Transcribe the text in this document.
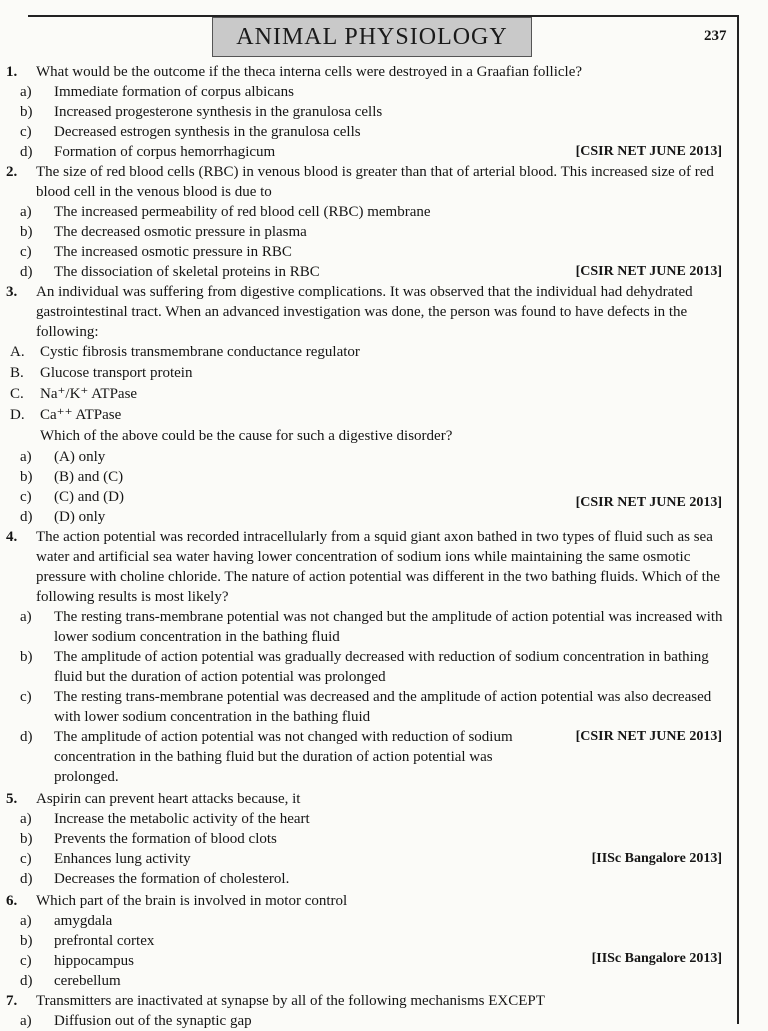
ANIMAL PHYSIOLOGY	237
1. What would be the outcome if the theca interna cells were destroyed in a Graafian follicle?
a) Immediate formation of corpus albicans
b) Increased progesterone synthesis in the granulosa cells
c) Decreased estrogen synthesis in the granulosa cells
d) Formation of corpus hemorrhagicum	[CSIR NET JUNE 2013]
2. The size of red blood cells (RBC) in venous blood is greater than that of arterial blood. This increased size of red blood cell in the venous blood is due to
a) The increased permeability of red blood cell (RBC) membrane
b) The decreased osmotic pressure in plasma
c) The increased osmotic pressure in RBC
d) The dissociation of skeletal proteins in RBC	[CSIR NET JUNE 2013]
3. An individual was suffering from digestive complications. It was observed that the individual had dehydrated gastrointestinal tract. When an advanced investigation was done, the person was found to have defects in the following:
A. Cystic fibrosis transmembrane conductance regulator
B. Glucose transport protein
C. Na⁺/K⁺ ATPase
D. Ca⁺⁺ ATPase
Which of the above could be the cause for such a digestive disorder?
a) (A) only
b) (B) and (C)
c) (C) and (D)	[CSIR NET JUNE 2013]
d) (D) only
4. The action potential was recorded intracellularly from a squid giant axon bathed in two types of fluid such as sea water and artificial sea water having lower concentration of sodium ions while maintaining the same osmotic pressure with choline chloride. The nature of action potential was different in the two bathing fluids. Which of the following results is most likely?
a) The resting trans-membrane potential was not changed but the amplitude of action potential was increased with lower sodium concentration in the bathing fluid
b) The amplitude of action potential was gradually decreased with reduction of sodium concentration in bathing fluid but the duration of action potential was prolonged
c) The resting trans-membrane potential was decreased and the amplitude of action potential was also decreased with lower sodium concentration in the bathing fluid
d) The amplitude of action potential was not changed with reduction of sodium concentration in the bathing fluid but the duration of action potential was prolonged.
[CSIR NET JUNE 2013]
5. Aspirin can prevent heart attacks because, it
a) Increase the metabolic activity of the heart
b) Prevents the formation of blood clots
c) Enhances lung activity	[IISc Bangalore 2013]
d) Decreases the formation of cholesterol.
6. Which part of the brain is involved in motor control
a) amygdala
b) prefrontal cortex
c) hippocampus	[IISc Bangalore 2013]
d) cerebellum
7. Transmitters are inactivated at synapse by all of the following mechanisms EXCEPT
a) Diffusion out of the synaptic gap
